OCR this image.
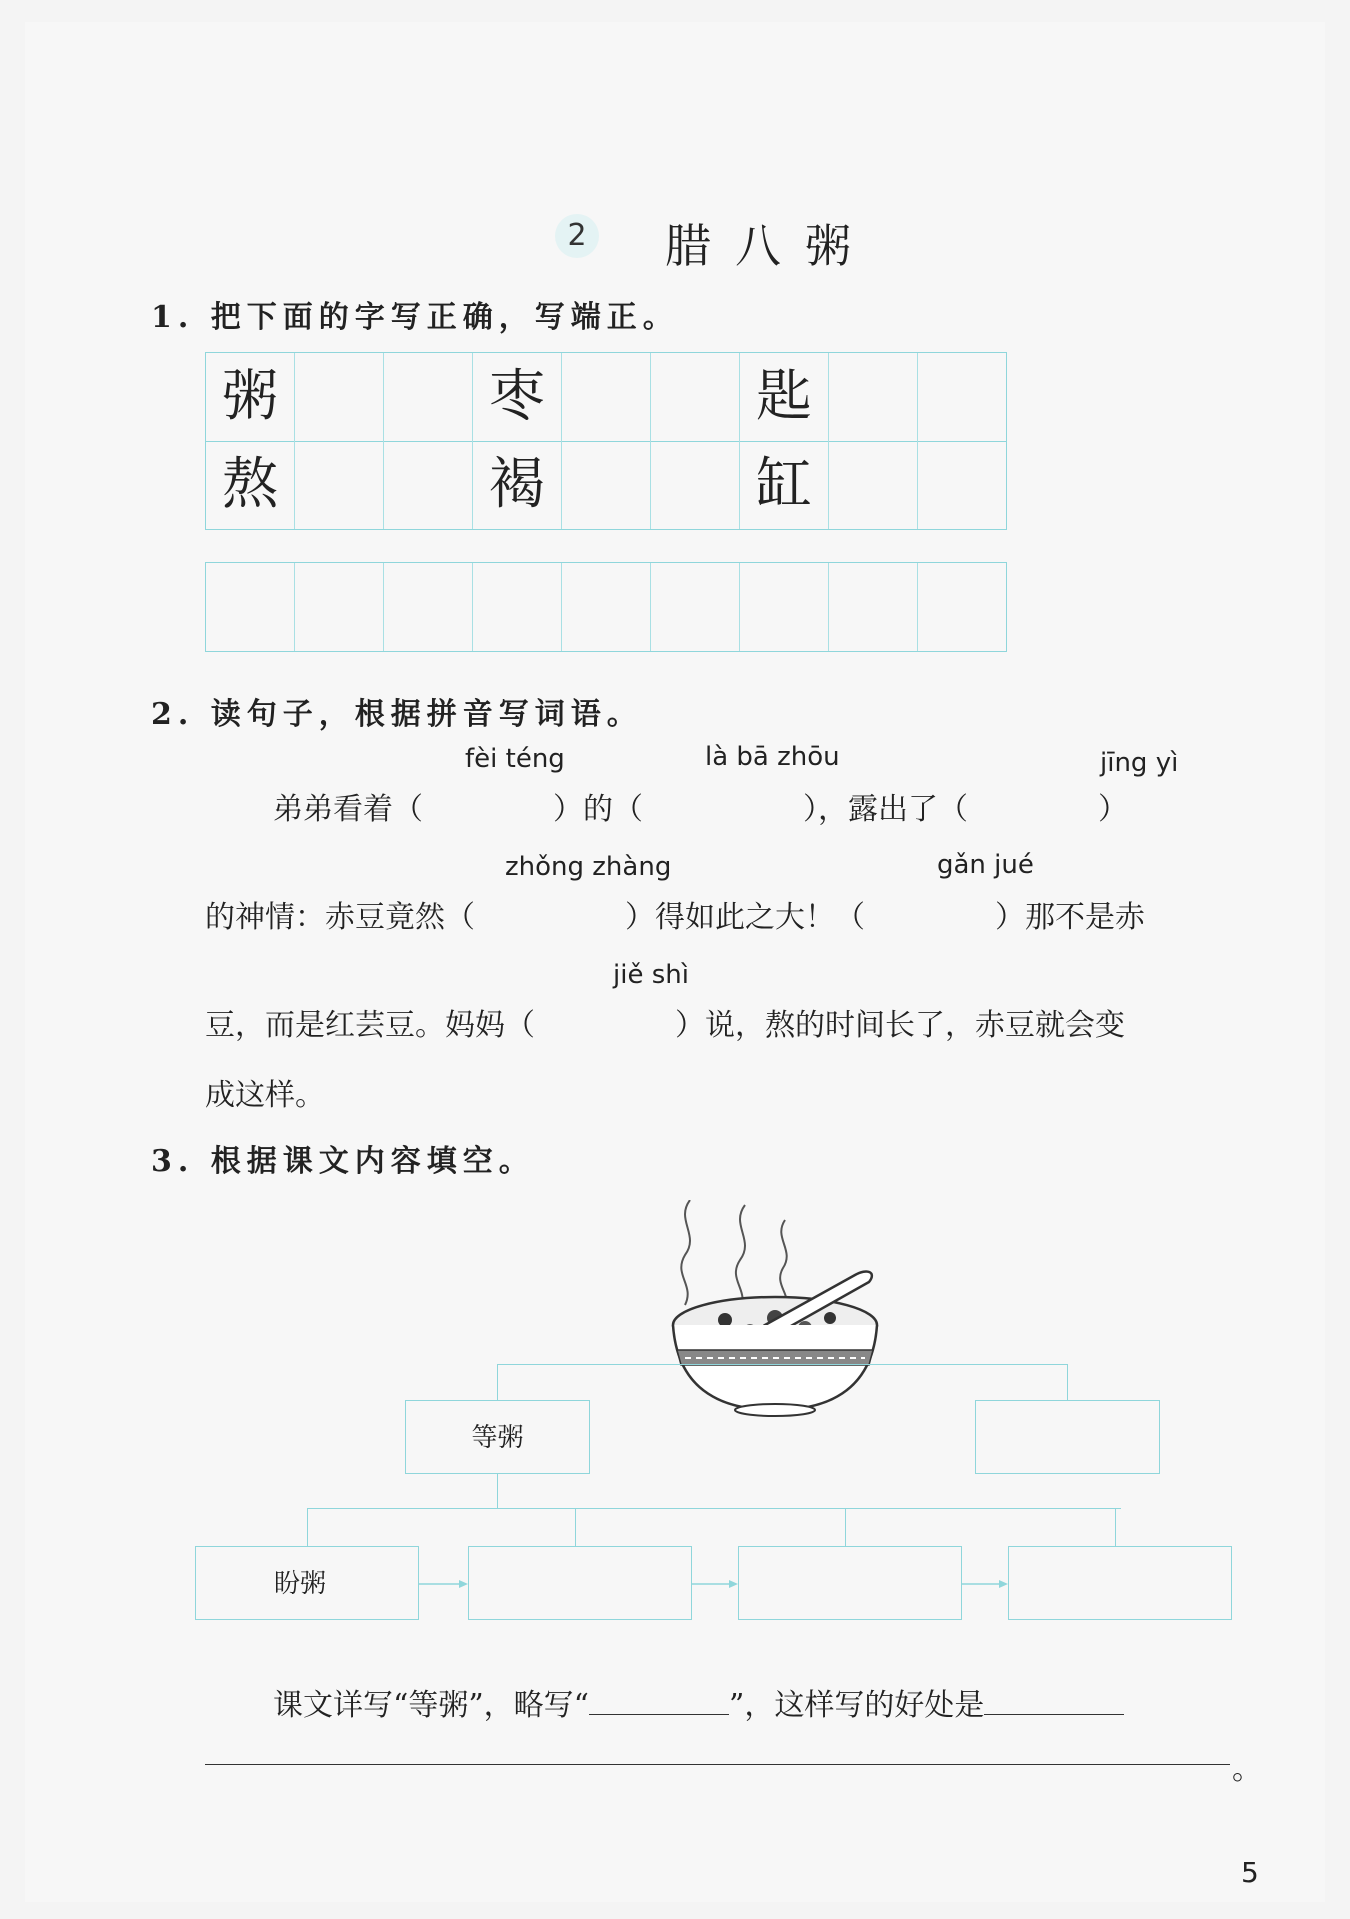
2 腊八粥
1. 把下面的字写正确，写端正。
粥	枣	匙
熬	褐	缸
2. 读句子，根据拼音写词语。
fèi téng	là bā zhōu	jīng yì
弟弟看着（	）的（	），露出了（	）
zhǒng zhàng	gǎn jué
的神情：赤豆竟然（	）得如此之大！（	）那不是赤
jiě shì
豆，而是红芸豆。妈妈（	）说，熬的时间长了，赤豆就会变
成这样。
3. 根据课文内容填空。
等粥
盼粥
课文详写“等粥”，略写“	”，这样写的好处是
。
5
